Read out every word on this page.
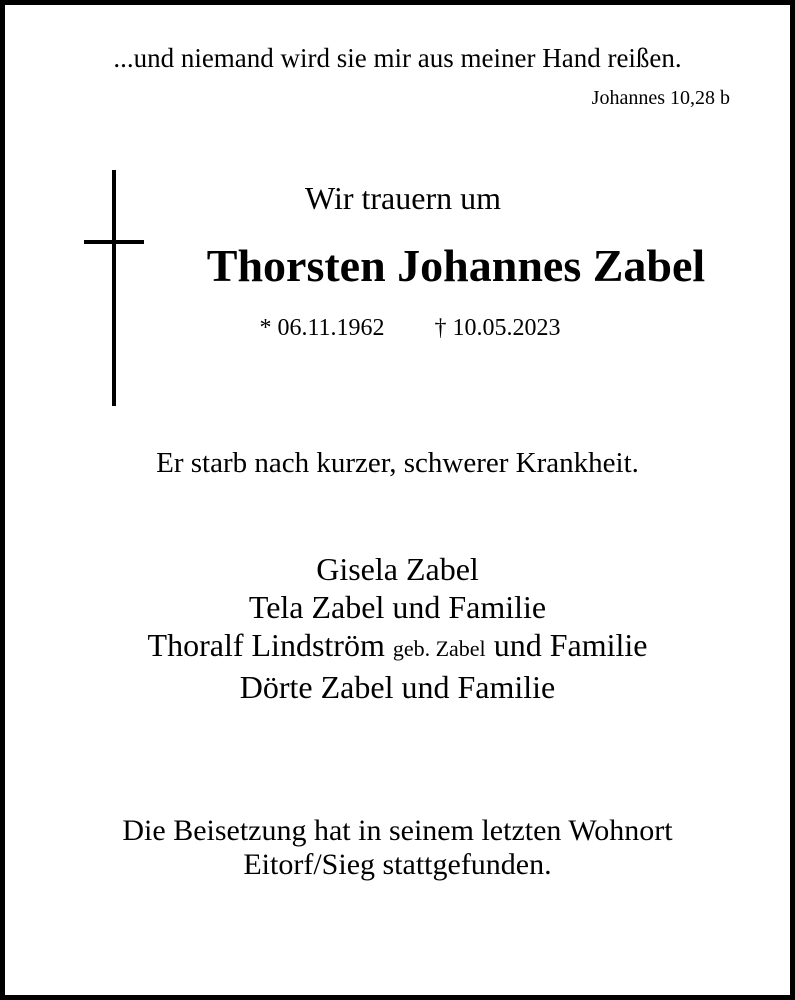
...und niemand wird sie mir aus meiner Hand reißen.
Johannes 10,28 b
Wir trauern um
Thorsten Johannes Zabel
* 06.11.1962 † 10.05.2023
Er starb nach kurzer, schwerer Krankheit.
Gisela Zabel
Tela Zabel und Familie
Thoralf Lindström geb. Zabel und Familie
Dörte Zabel und Familie
Die Beisetzung hat in seinem letzten Wohnort
Eitorf/Sieg stattgefunden.
